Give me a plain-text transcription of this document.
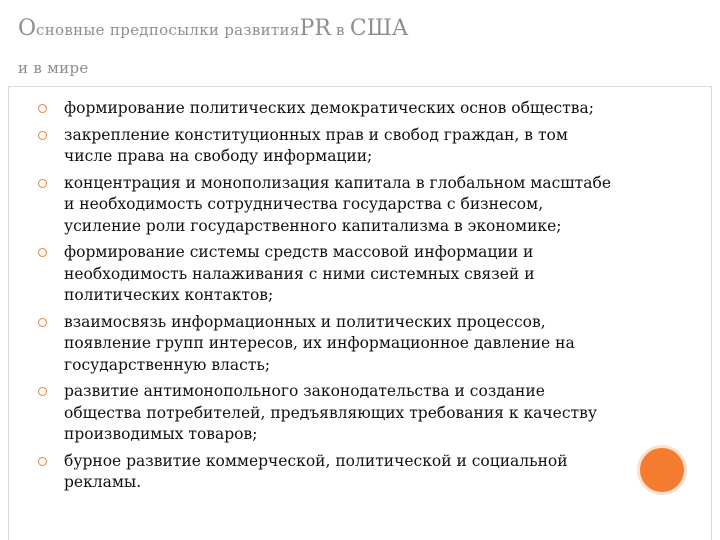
Основные предпосылки развитияPR в США
и в мире
формирование политических демократических основ общества;
закрепление конституционных прав и свобод граждан, в том числе права на свободу информации;
концентрация и монополизация капитала в глобальном масштабе и необходимость сотрудничества государства с бизнесом, усиление роли государственного капитализма в экономике;
формирование системы средств массовой информации и необходимость налаживания с ними системных связей и политических контактов;
взаимосвязь информационных и политических процессов, появление групп интересов, их информационное давление на государственную власть;
развитие антимонопольного законодательства и создание общества потребителей, предъявляющих требования к качеству производимых товаров;
бурное развитие коммерческой, политической и социальной рекламы.
